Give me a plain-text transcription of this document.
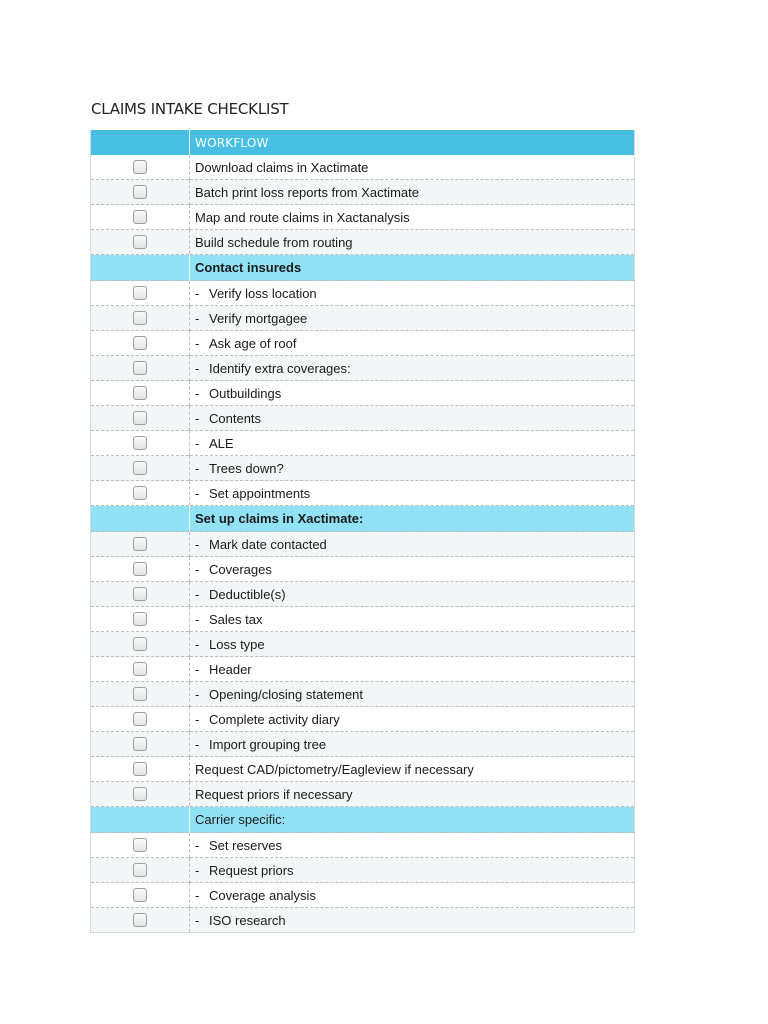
CLAIMS INTAKE CHECKLIST
	WORKFLOW

	Download claims in Xactimate

	Batch print loss reports from Xactimate

	Map and route claims in Xactanalysis

	Build schedule from routing
	Contact insureds

	- Verify loss location

	- Verify mortgagee

	- Ask age of roof

	- Identify extra coverages:

	- Outbuildings

	- Contents

	- ALE

	- Trees down?

	- Set appointments
	Set up claims in Xactimate:

	- Mark date contacted

	- Coverages

	- Deductible(s)

	- Sales tax

	- Loss type

	- Header

	- Opening/closing statement

	- Complete activity diary

	- Import grouping tree

	Request CAD/pictometry/Eagleview if necessary

	Request priors if necessary
	Carrier specific:

	- Set reserves

	- Request priors

	- Coverage analysis

	- ISO research
